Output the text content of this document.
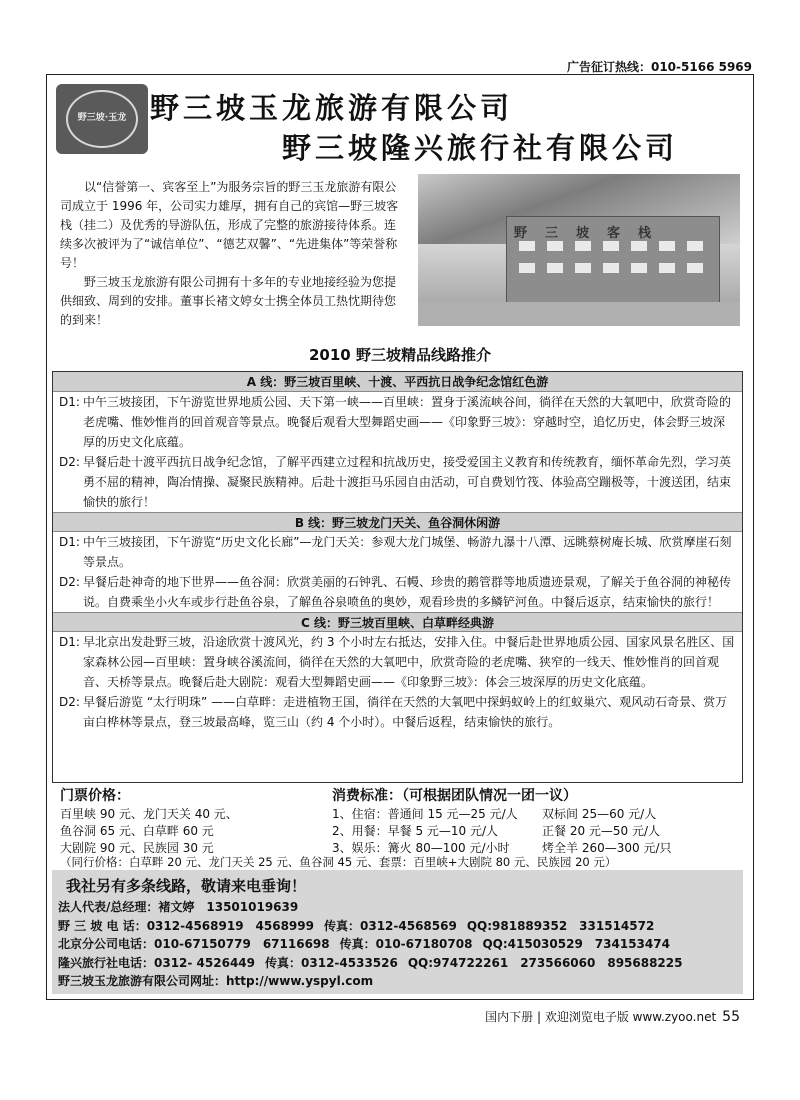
广告征订热线：010-5166 5969
野三坡·玉龙 野三坡玉龙旅游有限公司
野三坡隆兴旅行社有限公司
以“信誉第一、宾客至上”为服务宗旨的野三玉龙旅游有限公司成立于 1996 年，公司实力雄厚，拥有自己的宾馆—野三坡客栈（挂二）及优秀的导游队伍，形成了完整的旅游接待体系。连续多次被评为了“诚信单位”、“德艺双馨”、“先进集体”等荣誉称号！
野三坡玉龙旅游有限公司拥有十多年的专业地接经验为您提供细致、周到的安排。董事长褚文婷女士携全体员工热忱期待您的到来！
野三坡客栈
2010 野三坡精品线路推介
A 线：野三坡百里峡、十渡、平西抗日战争纪念馆红色游
D1: 中午三坡接团，下午游览世界地质公园、天下第一峡——百里峡：置身于溪流峡谷间，徜徉在天然的大氧吧中，欣赏奇险的老虎嘴、惟妙惟肖的回首观音等景点。晚餐后观看大型舞蹈史画——《印象野三坡》：穿越时空，追忆历史，体会野三坡深厚的历史文化底蕴。
D2: 早餐后赴十渡平西抗日战争纪念馆，了解平西建立过程和抗战历史，接受爱国主义教育和传统教育，缅怀革命先烈，学习英勇不屈的精神，陶冶情操、凝聚民族精神。后赴十渡拒马乐园自由活动，可自费划竹筏、体验高空蹦极等，十渡送团，结束愉快的旅行！
B 线：野三坡龙门天关、鱼谷洞休闲游
D1: 中午三坡接团，下午游览“历史文化长廊”—龙门天关：参观大龙门城堡、畅游九瀑十八潭、远眺蔡树庵长城、欣赏摩崖石刻等景点。
D2: 早餐后赴神奇的地下世界——鱼谷洞：欣赏美丽的石钟乳、石幔、珍贵的鹅管群等地质遗迹景观，了解关于鱼谷洞的神秘传说。自费乘坐小火车或步行赴鱼谷泉，了解鱼谷泉喷鱼的奥妙，观看珍贵的多鳞铲河鱼。中餐后返京，结束愉快的旅行！
C 线：野三坡百里峡、白草畔经典游
D1: 早北京出发赴野三坡，沿途欣赏十渡风光，约 3 个小时左右抵达，安排入住。中餐后赴世界地质公园、国家风景名胜区、国家森林公园—百里峡：置身峡谷溪流间，徜徉在天然的大氧吧中，欣赏奇险的老虎嘴、狭窄的一线天、惟妙惟肖的回首观音、天桥等景点。晚餐后赴大剧院：观看大型舞蹈史画——《印象野三坡》：体会三坡深厚的历史文化底蕴。
D2: 早餐后游览 “太行明珠” ——白草畔：走进植物王国，徜徉在天然的大氧吧中探蚂蚁岭上的红蚁巢穴、观风动石奇景、赏万亩白桦林等景点，登三坡最高峰，览三山（约 4 个小时）。中餐后返程，结束愉快的旅行。
门票价格：
百里峡 90 元、龙门天关 40 元、
鱼谷洞 65 元、白草畔 60 元
大剧院 90 元、民族园 30 元
消费标准：（可根据团队情况一团一议）
1、住宿：普通间 15 元—25 元/人	双标间 25—60 元/人
2、用餐：早餐 5 元—10 元/人	正餐 20 元—50 元/人
3、娱乐：篝火 80—100 元/小时	烤全羊 260—300 元/只
（同行价格：白草畔 20 元、龙门天关 25 元、鱼谷洞 45 元、套票：百里峡+大剧院 80 元、民族园 20 元）
我社另有多条线路，敬请来电垂询！
法人代表/总经理：褚文婷　13501019639
野 三 坡 电 话：0312-4568919　4568999 传真：0312-4568569 QQ:981889352　331514572
北京分公司电话：010-67150779　67116698 传真：010-67180708 QQ:415030529　734153474
隆兴旅行社电话：0312- 4526449 传真：0312-4533526 QQ:974722261　273566060　895688225
野三坡玉龙旅游有限公司网址：http://www.yspyl.com
国内下册 | 欢迎浏览电子版 www.zyoo.net 55
